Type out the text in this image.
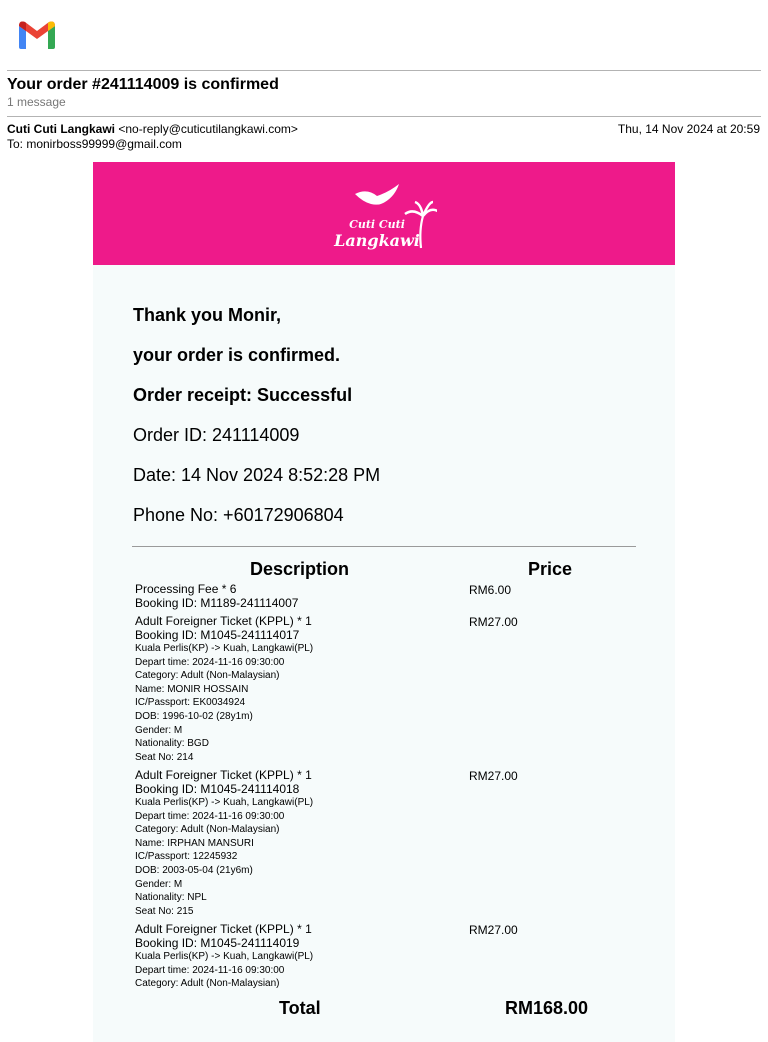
Your order #241114009 is confirmed
1 message
Cuti Cuti Langkawi <no-reply@cuticutilangkawi.com>
To: monirboss99999@gmail.com
Thu, 14 Nov 2024 at 20:59
Cuti Cuti
Langkawi
Thank you Monir,
your order is confirmed.
Order receipt: Successful
Order ID: 241114009
Date: 14 Nov 2024 8:52:28 PM
Phone No: +60172906804
Description	Price
Processing Fee * 6
Booking ID: M1189-241114007
RM6.00
Adult Foreigner Ticket (KPPL) * 1
Booking ID: M1045-241114017
Kuala Perlis(KP) -> Kuah, Langkawi(PL)
Depart time: 2024-11-16 09:30:00
Category: Adult (Non-Malaysian)
Name: MONIR HOSSAIN
IC/Passport: EK0034924
DOB: 1996-10-02 (28y1m)
Gender: M
Nationality: BGD
Seat No: 214
RM27.00
Adult Foreigner Ticket (KPPL) * 1
Booking ID: M1045-241114018
Kuala Perlis(KP) -> Kuah, Langkawi(PL)
Depart time: 2024-11-16 09:30:00
Category: Adult (Non-Malaysian)
Name: IRPHAN MANSURI
IC/Passport: 12245932
DOB: 2003-05-04 (21y6m)
Gender: M
Nationality: NPL
Seat No: 215
RM27.00
Adult Foreigner Ticket (KPPL) * 1
Booking ID: M1045-241114019
Kuala Perlis(KP) -> Kuah, Langkawi(PL)
Depart time: 2024-11-16 09:30:00
Category: Adult (Non-Malaysian)
RM27.00
Total	RM168.00
